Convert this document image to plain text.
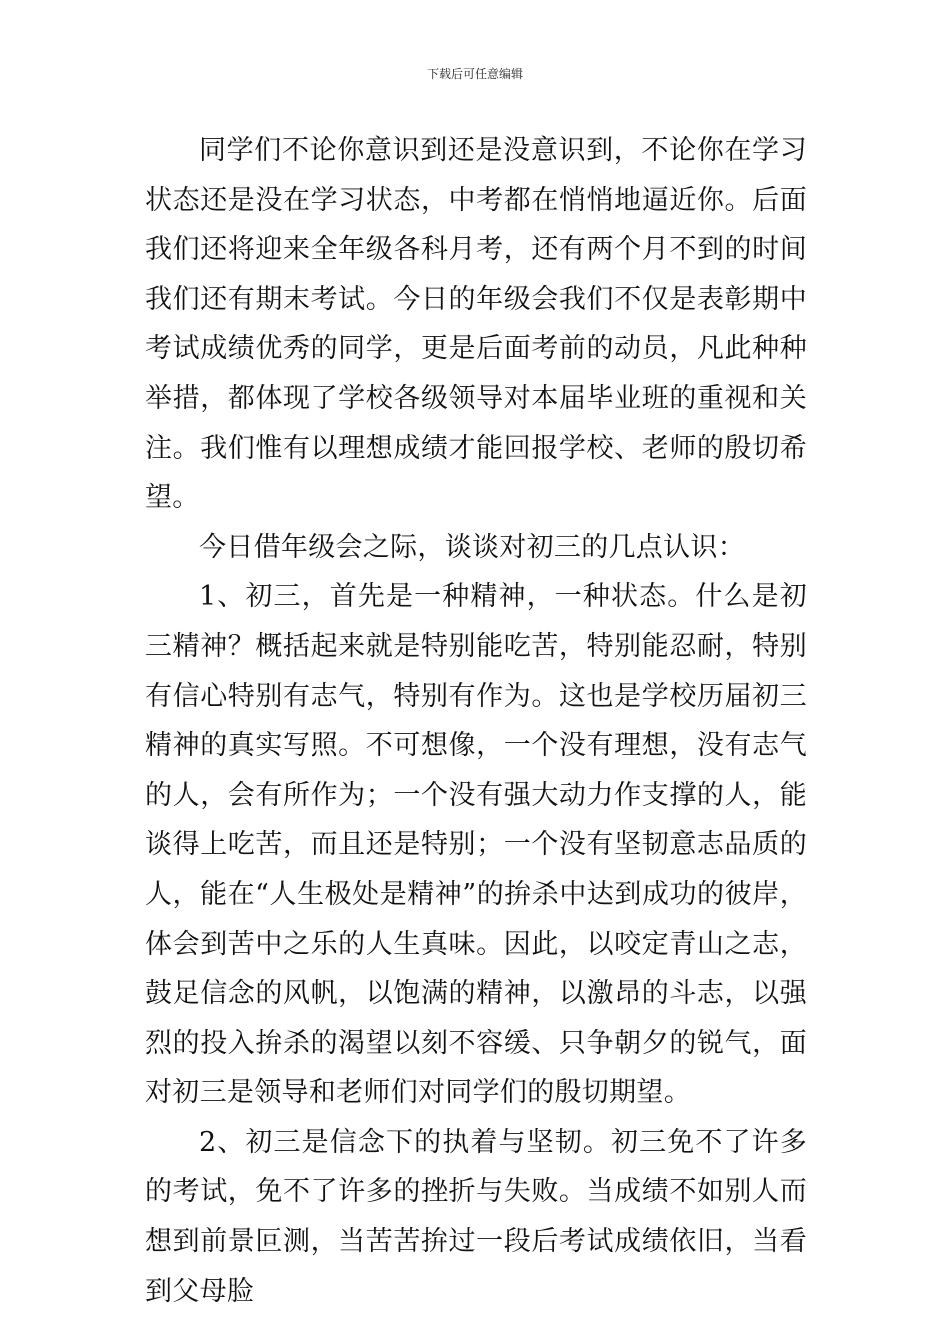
下载后可任意编辑

同学们不论你意识到还是没意识到，不论你在学习状态还是没在学习状态，中考都在悄悄地逼近你。后面我们还将迎来全年级各科月考，还有两个月不到的时间我们还有期末考试。今日的年级会我们不仅是表彰期中考试成绩优秀的同学，更是后面考前的动员，凡此种种举措，都体现了学校各级领导对本届毕业班的重视和关注。我们惟有以理想成绩才能回报学校、老师的殷切希望。

今日借年级会之际，谈谈对初三的几点认识：

1、初三，首先是一种精神，一种状态。什么是初三精神？概括起来就是特别能吃苦，特别能忍耐，特别有信心特别有志气，特别有作为。这也是学校历届初三精神的真实写照。不可想像，一个没有理想，没有志气的人，会有所作为；一个没有强大动力作支撑的人，能谈得上吃苦，而且还是特别；一个没有坚韧意志品质的人，能在“人生极处是精神”的拚杀中达到成功的彼岸，体会到苦中之乐的人生真味。因此，以咬定青山之志，鼓足信念的风帆，以饱满的精神，以激昂的斗志，以强烈的投入拚杀的渴望以刻不容缓、只争朝夕的锐气，面对初三是领导和老师们对同学们的殷切期望。

2、初三是信念下的执着与坚韧。初三免不了许多的考试，免不了许多的挫折与失败。当成绩不如别人而想到前景叵测，当苦苦拚过一段后考试成绩依旧，当看到父母脸
